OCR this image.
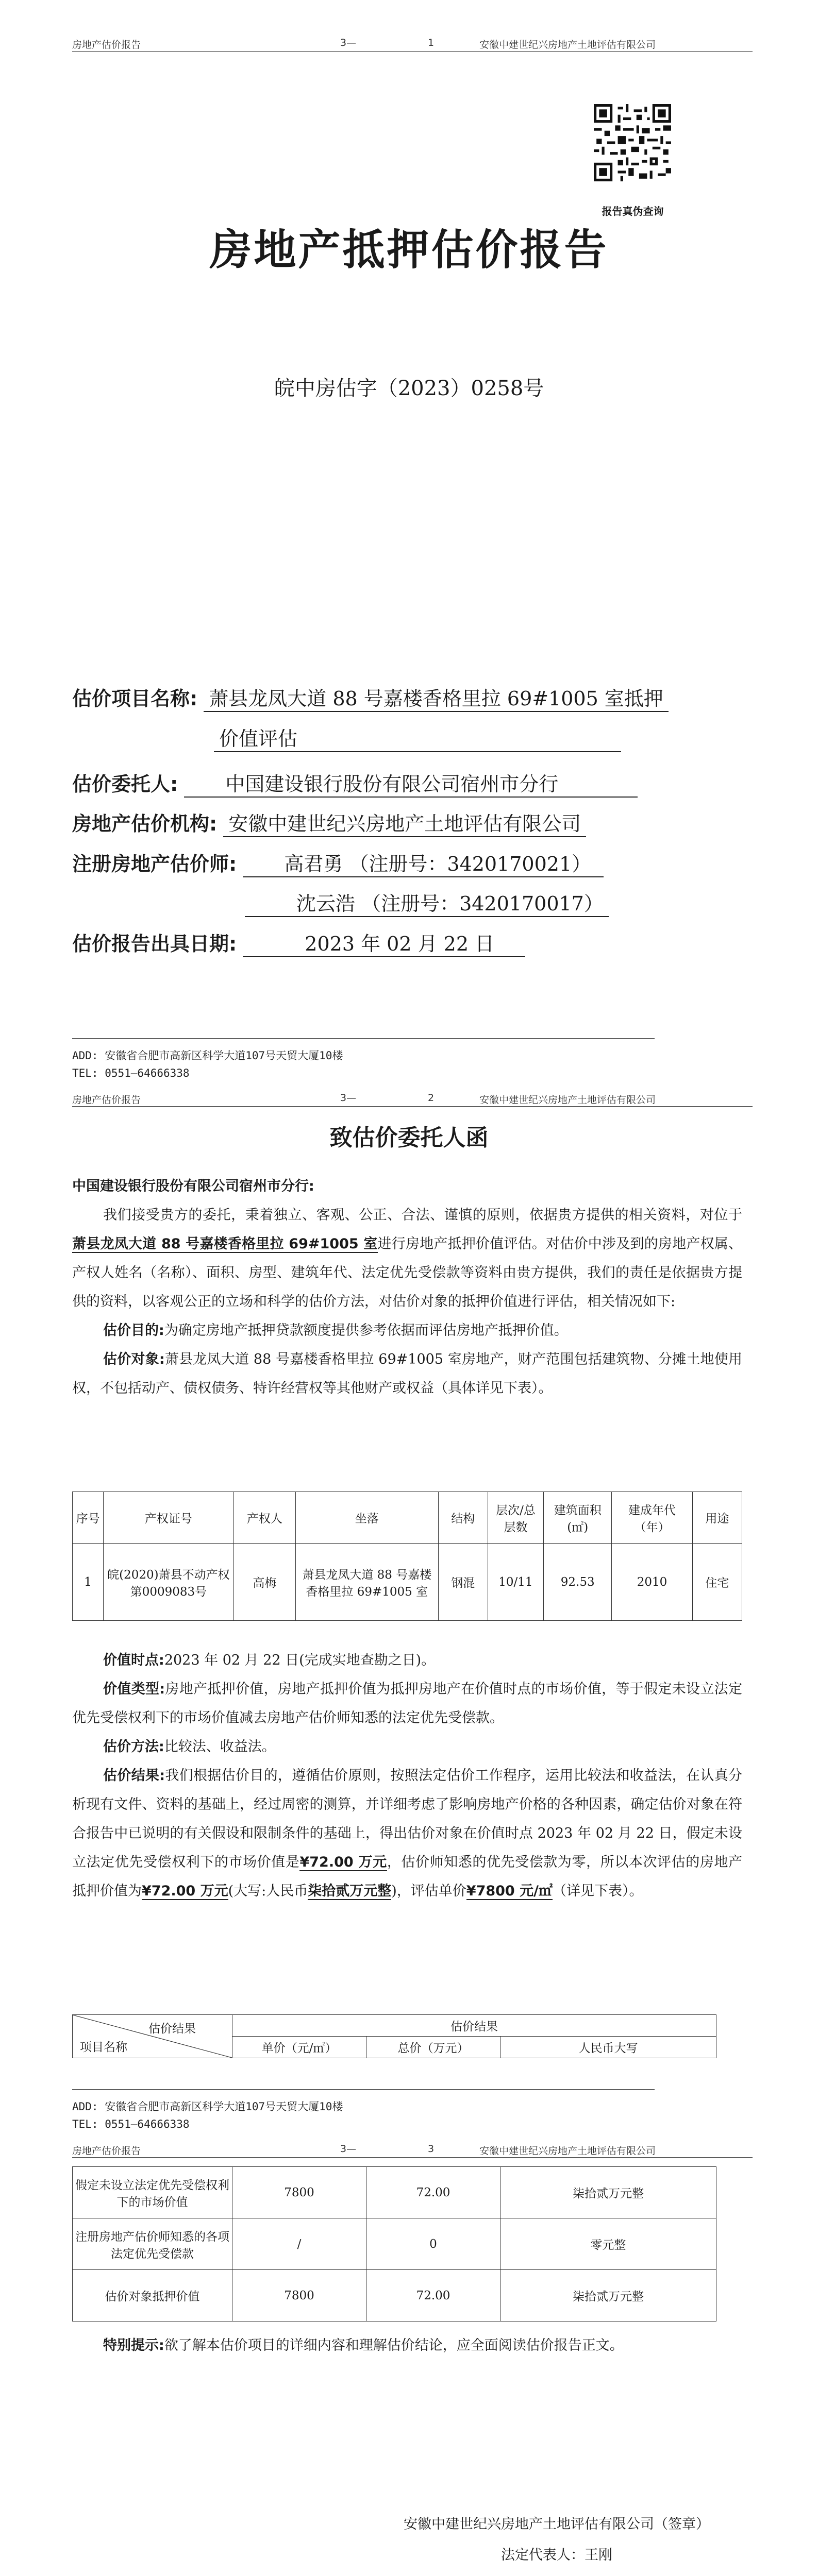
房地产估价报告	3—	1	安徽中建世纪兴房地产土地评估有限公司
报告真伪查询
房地产抵押估价报告
皖中房估字（2023）0258号
估价项目名称: 萧县龙凤大道 88 号嘉楼香格里拉 69#1005 室抵押
价值评估
估价委托人: 中国建设银行股份有限公司宿州市分行
房地产估价机构: 安徽中建世纪兴房地产土地评估有限公司
注册房地产估价师: 高君勇 （注册号：3420170021）
沈云浩 （注册号：3420170017）
估价报告出具日期:	2023 年 02 月 22 日
ADD: 安徽省合肥市高新区科学大道107号天贸大厦10楼
TEL: 0551—64666338
房地产估价报告	3—	2	安徽中建世纪兴房地产土地评估有限公司
致估价委托人函
中国建设银行股份有限公司宿州市分行:
我们接受贵方的委托，秉着独立、客观、公正、合法、谨慎的原则，依据贵方提供的相关资料，对位于萧县龙凤大道 88 号嘉楼香格里拉 69#1005 室进行房地产抵押价值评估。对估价中涉及到的房地产权属、产权人姓名（名称）、面积、房型、建筑年代、法定优先受偿款等资料由贵方提供，我们的责任是依据贵方提供的资料，以客观公正的立场和科学的估价方法，对估价对象的抵押价值进行评估，相关情况如下:
估价目的:为确定房地产抵押贷款额度提供参考依据而评估房地产抵押价值。
估价对象:萧县龙凤大道 88 号嘉楼香格里拉 69#1005 室房地产，财产范围包括建筑物、分摊土地使用权，不包括动产、债权债务、特许经营权等其他财产或权益（具体详见下表）。
序号	产权证号	产权人	坐落	结构	层次/总层数	建筑面积(㎡)	建成年代（年）	用途
1	皖(2020)萧县不动产权第0009083号	高梅	萧县龙凤大道 88 号嘉楼香格里拉 69#1005 室	钢混	10/11	92.53	2010	住宅
价值时点:2023 年 02 月 22 日(完成实地查勘之日)。
价值类型:房地产抵押价值，房地产抵押价值为抵押房地产在价值时点的市场价值，等于假定未设立法定优先受偿权利下的市场价值减去房地产估价师知悉的法定优先受偿款。
估价方法:比较法、收益法。
估价结果:我们根据估价目的，遵循估价原则，按照法定估价工作程序，运用比较法和收益法，在认真分析现有文件、资料的基础上，经过周密的测算，并详细考虑了影响房地产价格的各种因素，确定估价对象在符合报告中已说明的有关假设和限制条件的基础上，得出估价对象在价值时点 2023 年 02 月 22 日，假定未设立法定优先受偿权利下的市场价值是¥72.00 万元，估价师知悉的优先受偿款为零，所以本次评估的房地产抵押价值为¥72.00 万元(大写:人民币柒拾贰万元整)，评估单价¥7800 元/㎡（详见下表）。
估价结果
项目名称	估价结果		
	单价（元/㎡）	总价（万元）	人民币大写
ADD: 安徽省合肥市高新区科学大道107号天贸大厦10楼
TEL: 0551—64666338
房地产估价报告	3—	3	安徽中建世纪兴房地产土地评估有限公司
假定未设立法定优先受偿权利下的市场价值	7800	72.00	柒拾贰万元整
注册房地产估价师知悉的各项法定优先受偿款	/	0	零元整
估价对象抵押价值	7800	72.00	柒拾贰万元整
特别提示:欲了解本估价项目的详细内容和理解估价结论，应全面阅读估价报告正文。
安徽中建世纪兴房地产土地评估有限公司（签章）
法定代表人：王刚
